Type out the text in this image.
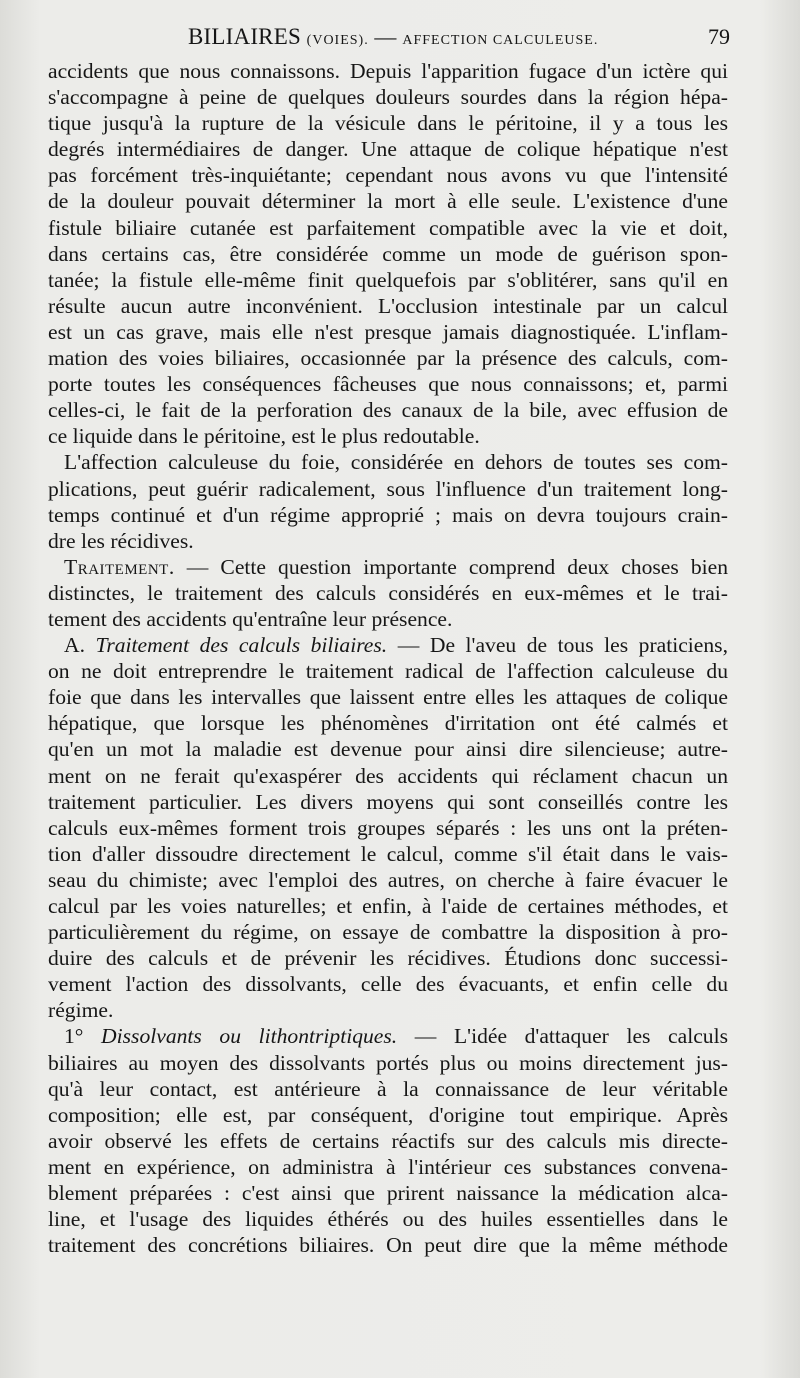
BILIAIRES (VOIES). — AFFECTION CALCULEUSE.	79
accidents que nous connaissons. Depuis l'apparition fugace d'un ictère qui
s'accompagne à peine de quelques douleurs sourdes dans la région hépa-
tique jusqu'à la rupture de la vésicule dans le péritoine, il y a tous les
degrés intermédiaires de danger. Une attaque de colique hépatique n'est
pas forcément très-inquiétante; cependant nous avons vu que l'intensité
de la douleur pouvait déterminer la mort à elle seule. L'existence d'une
fistule biliaire cutanée est parfaitement compatible avec la vie et doit,
dans certains cas, être considérée comme un mode de guérison spon-
tanée; la fistule elle-même finit quelquefois par s'oblitérer, sans qu'il en
résulte aucun autre inconvénient. L'occlusion intestinale par un calcul
est un cas grave, mais elle n'est presque jamais diagnostiquée. L'inflam-
mation des voies biliaires, occasionnée par la présence des calculs, com-
porte toutes les conséquences fâcheuses que nous connaissons; et, parmi
celles-ci, le fait de la perforation des canaux de la bile, avec effusion de
ce liquide dans le péritoine, est le plus redoutable.
L'affection calculeuse du foie, considérée en dehors de toutes ses com-
plications, peut guérir radicalement, sous l'influence d'un traitement long-
temps continué et d'un régime approprié ; mais on devra toujours crain-
dre les récidives.
Traitement. — Cette question importante comprend deux choses bien
distinctes, le traitement des calculs considérés en eux-mêmes et le trai-
tement des accidents qu'entraîne leur présence.
A. Traitement des calculs biliaires. — De l'aveu de tous les praticiens,
on ne doit entreprendre le traitement radical de l'affection calculeuse du
foie que dans les intervalles que laissent entre elles les attaques de colique
hépatique, que lorsque les phénomènes d'irritation ont été calmés et
qu'en un mot la maladie est devenue pour ainsi dire silencieuse; autre-
ment on ne ferait qu'exaspérer des accidents qui réclament chacun un
traitement particulier. Les divers moyens qui sont conseillés contre les
calculs eux-mêmes forment trois groupes séparés : les uns ont la préten-
tion d'aller dissoudre directement le calcul, comme s'il était dans le vais-
seau du chimiste; avec l'emploi des autres, on cherche à faire évacuer le
calcul par les voies naturelles; et enfin, à l'aide de certaines méthodes, et
particulièrement du régime, on essaye de combattre la disposition à pro-
duire des calculs et de prévenir les récidives. Étudions donc successi-
vement l'action des dissolvants, celle des évacuants, et enfin celle du
régime.
1° Dissolvants ou lithontriptiques. — L'idée d'attaquer les calculs
biliaires au moyen des dissolvants portés plus ou moins directement jus-
qu'à leur contact, est antérieure à la connaissance de leur véritable
composition; elle est, par conséquent, d'origine tout empirique. Après
avoir observé les effets de certains réactifs sur des calculs mis directe-
ment en expérience, on administra à l'intérieur ces substances convena-
blement préparées : c'est ainsi que prirent naissance la médication alca-
line, et l'usage des liquides éthérés ou des huiles essentielles dans le
traitement des concrétions biliaires. On peut dire que la même méthode
